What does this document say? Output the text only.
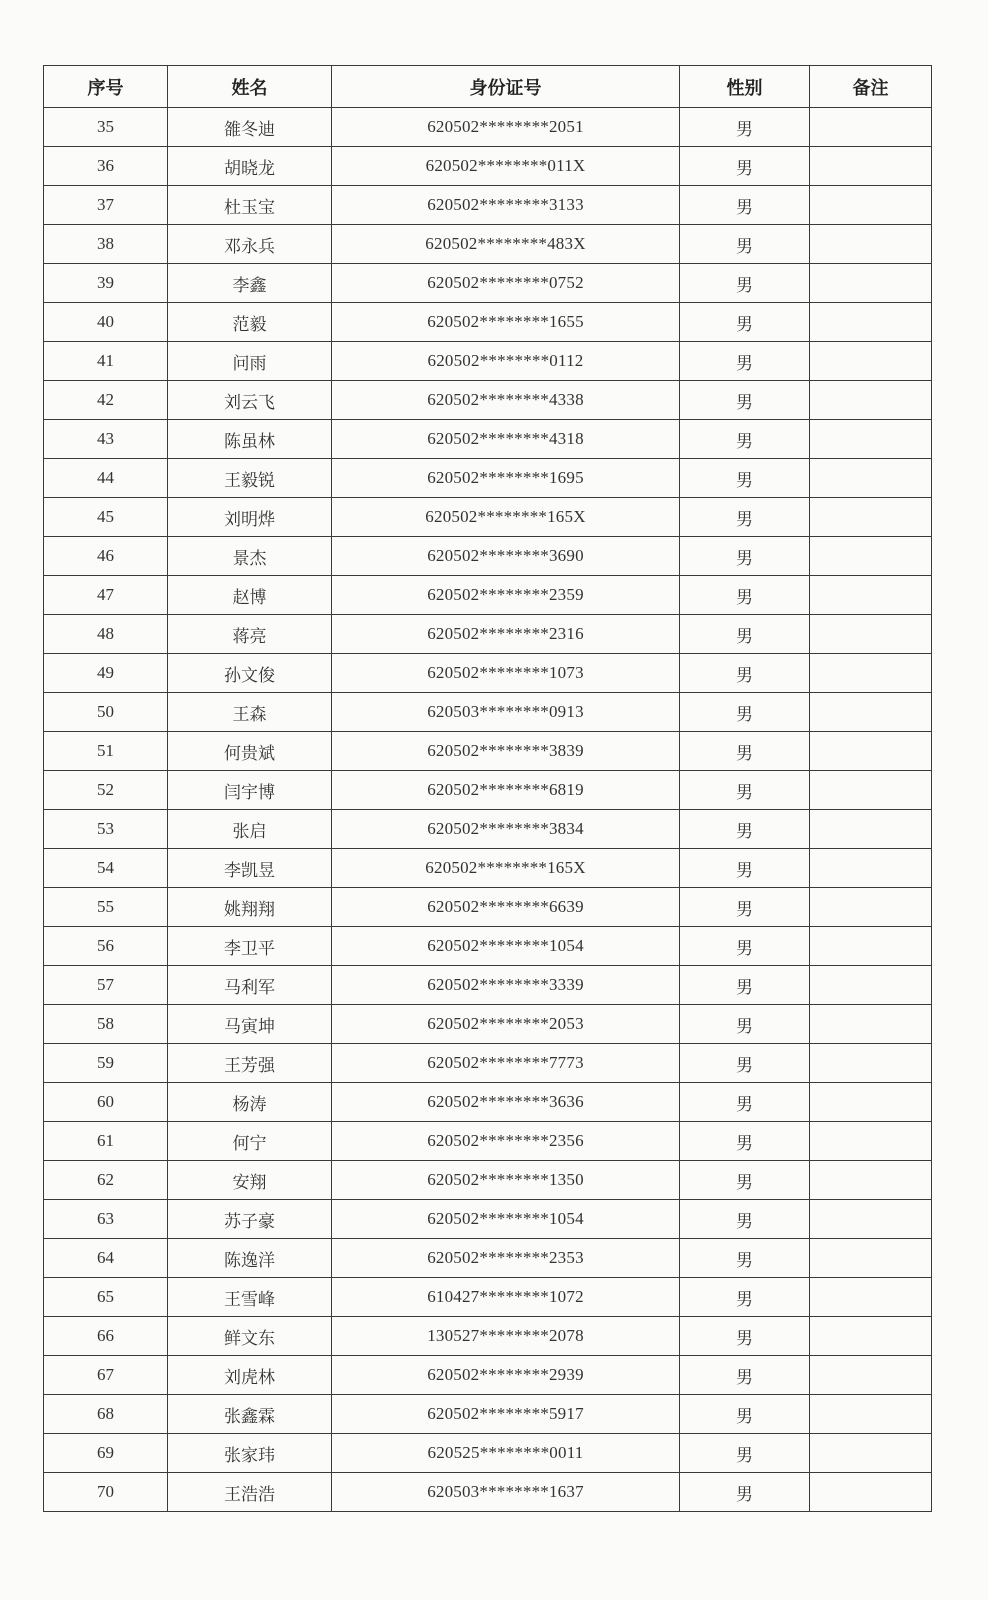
序号	姓名	身份证号	性别	备注
35	雒冬迪	620502********2051	男	
36	胡晓龙	620502********011X	男	
37	杜玉宝	620502********3133	男	
38	邓永兵	620502********483X	男	
39	李鑫	620502********0752	男	
40	范毅	620502********1655	男	
41	问雨	620502********0112	男	
42	刘云飞	620502********4338	男	
43	陈虽林	620502********4318	男	
44	王毅锐	620502********1695	男	
45	刘明烨	620502********165X	男	
46	景杰	620502********3690	男	
47	赵博	620502********2359	男	
48	蒋亮	620502********2316	男	
49	孙文俊	620502********1073	男	
50	王森	620503********0913	男	
51	何贵斌	620502********3839	男	
52	闫宇博	620502********6819	男	
53	张启	620502********3834	男	
54	李凯昱	620502********165X	男	
55	姚翔翔	620502********6639	男	
56	李卫平	620502********1054	男	
57	马利军	620502********3339	男	
58	马寅坤	620502********2053	男	
59	王芳强	620502********7773	男	
60	杨涛	620502********3636	男	
61	何宁	620502********2356	男	
62	安翔	620502********1350	男	
63	苏子豪	620502********1054	男	
64	陈逸洋	620502********2353	男	
65	王雪峰	610427********1072	男	
66	鲜文东	130527********2078	男	
67	刘虎林	620502********2939	男	
68	张鑫霖	620502********5917	男	
69	张家玮	620525********0011	男	
70	王浩浩	620503********1637	男	
